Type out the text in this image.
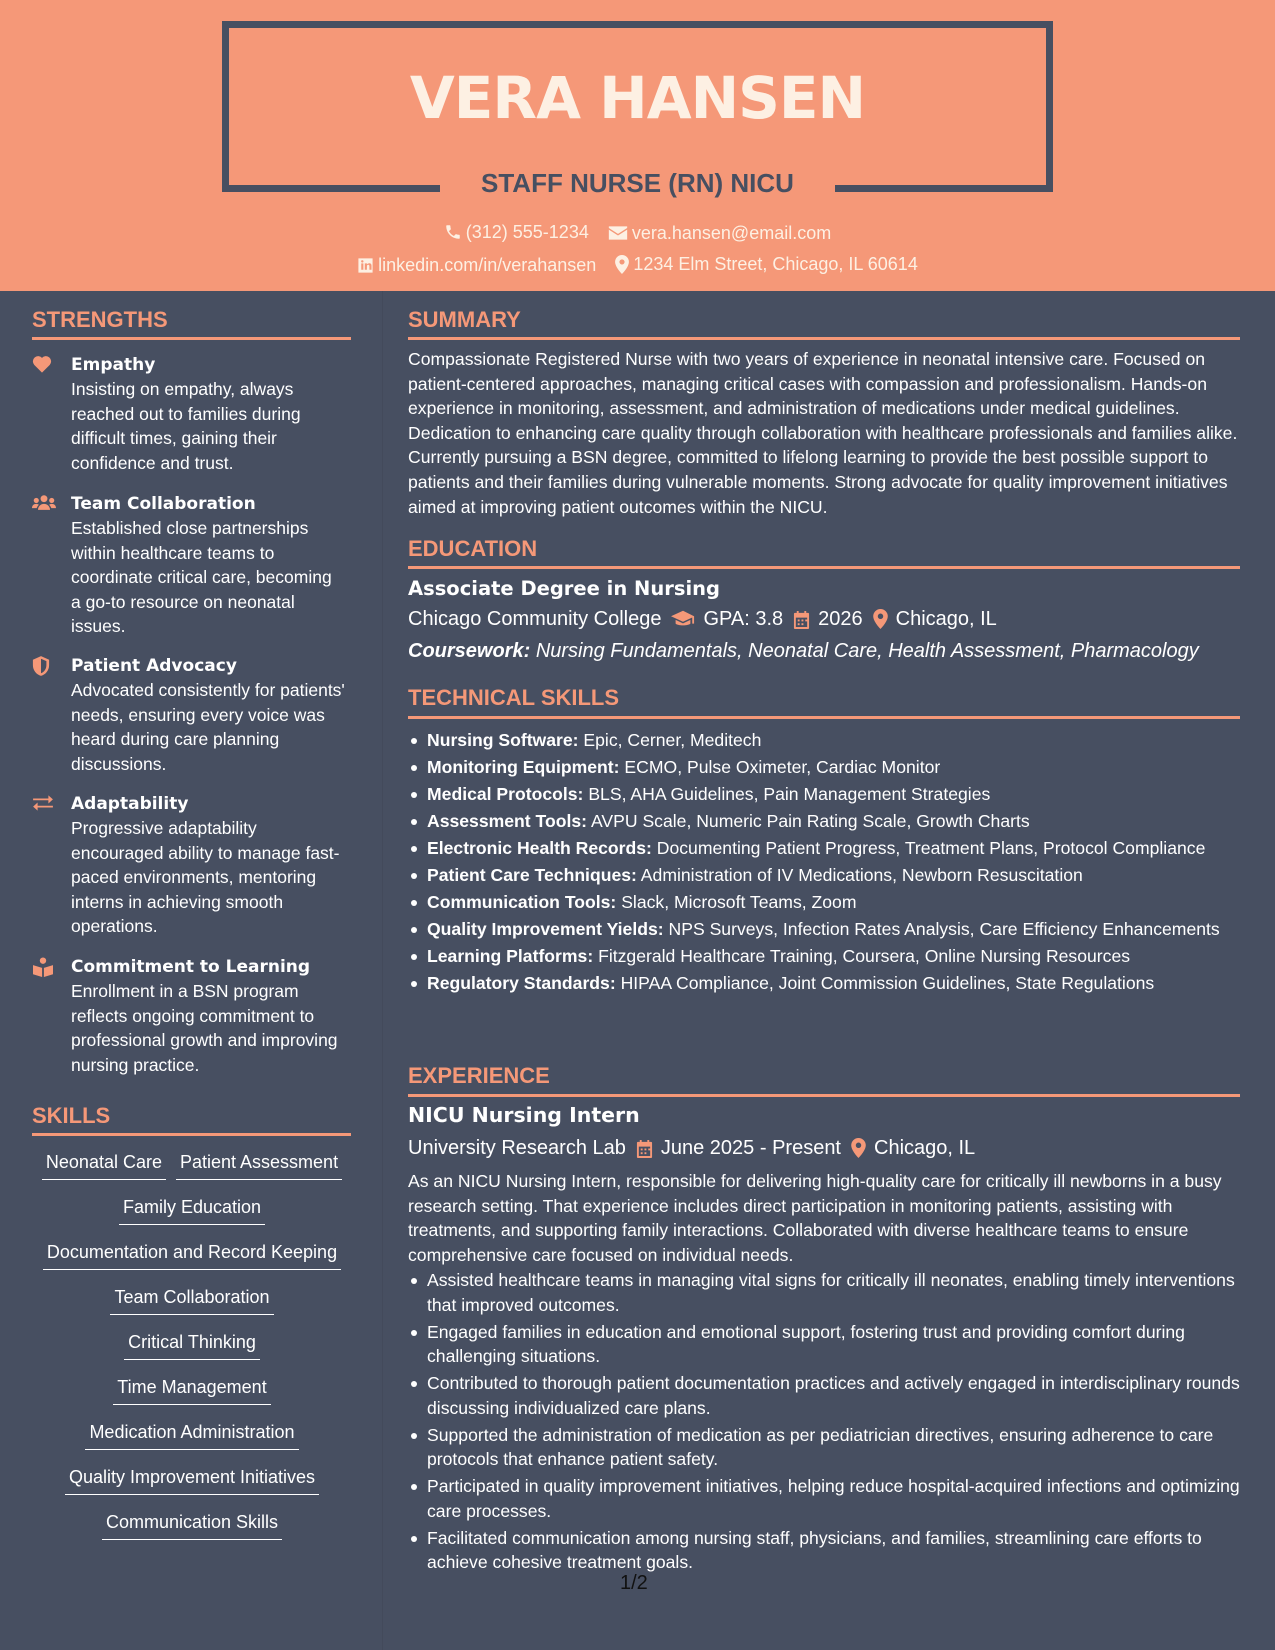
VERA HANSEN
STAFF NURSE (RN) NICU
(312) 555-1234
vera.hansen@email.com
linkedin.com/in/verahansen
1234 Elm Street, Chicago, IL 60614
STRENGTHS
Empathy
Insisting on empathy, always reached out to families during difficult times, gaining their confidence and trust.
Team Collaboration
Established close partnerships within healthcare teams to coordinate critical care, becoming a go-to resource on neonatal issues.
Patient Advocacy
Advocated consistently for patients' needs, ensuring every voice was heard during care planning discussions.
Adaptability
Progressive adaptability encouraged ability to manage fast-paced environments, mentoring interns in achieving smooth operations.
Commitment to Learning
Enrollment in a BSN program reflects ongoing commitment to professional growth and improving nursing practice.
SKILLS
Neonatal Care Patient Assessment
Family Education
Documentation and Record Keeping
Team Collaboration
Critical Thinking
Time Management
Medication Administration
Quality Improvement Initiatives
Communication Skills
SUMMARY
Compassionate Registered Nurse with two years of experience in neonatal intensive care. Focused on patient-centered approaches, managing critical cases with compassion and professionalism. Hands-on experience in monitoring, assessment, and administration of medications under medical guidelines. Dedication to enhancing care quality through collaboration with healthcare professionals and families alike. Currently pursuing a BSN degree, committed to lifelong learning to provide the best possible support to patients and their families during vulnerable moments. Strong advocate for quality improvement initiatives aimed at improving patient outcomes within the NICU.
EDUCATION
Associate Degree in Nursing
Chicago Community College GPA: 3.8 2026 Chicago, IL
Coursework: Nursing Fundamentals, Neonatal Care, Health Assessment, Pharmacology
TECHNICAL SKILLS
Nursing Software: Epic, Cerner, Meditech
Monitoring Equipment: ECMO, Pulse Oximeter, Cardiac Monitor
Medical Protocols: BLS, AHA Guidelines, Pain Management Strategies
Assessment Tools: AVPU Scale, Numeric Pain Rating Scale, Growth Charts
Electronic Health Records: Documenting Patient Progress, Treatment Plans, Protocol Compliance
Patient Care Techniques: Administration of IV Medications, Newborn Resuscitation
Communication Tools: Slack, Microsoft Teams, Zoom
Quality Improvement Yields: NPS Surveys, Infection Rates Analysis, Care Efficiency Enhancements
Learning Platforms: Fitzgerald Healthcare Training, Coursera, Online Nursing Resources
Regulatory Standards: HIPAA Compliance, Joint Commission Guidelines, State Regulations
EXPERIENCE
NICU Nursing Intern
University Research Lab June 2025 - Present Chicago, IL
As an NICU Nursing Intern, responsible for delivering high-quality care for critically ill newborns in a busy research setting. That experience includes direct participation in monitoring patients, assisting with treatments, and supporting family interactions. Collaborated with diverse healthcare teams to ensure comprehensive care focused on individual needs.
Assisted healthcare teams in managing vital signs for critically ill neonates, enabling timely interventions that improved outcomes.
Engaged families in education and emotional support, fostering trust and providing comfort during challenging situations.
Contributed to thorough patient documentation practices and actively engaged in interdisciplinary rounds discussing individualized care plans.
Supported the administration of medication as per pediatrician directives, ensuring adherence to care protocols that enhance patient safety.
Participated in quality improvement initiatives, helping reduce hospital-acquired infections and optimizing care processes.
Facilitated communication among nursing staff, physicians, and families, streamlining care efforts to achieve cohesive treatment goals.
1/2
